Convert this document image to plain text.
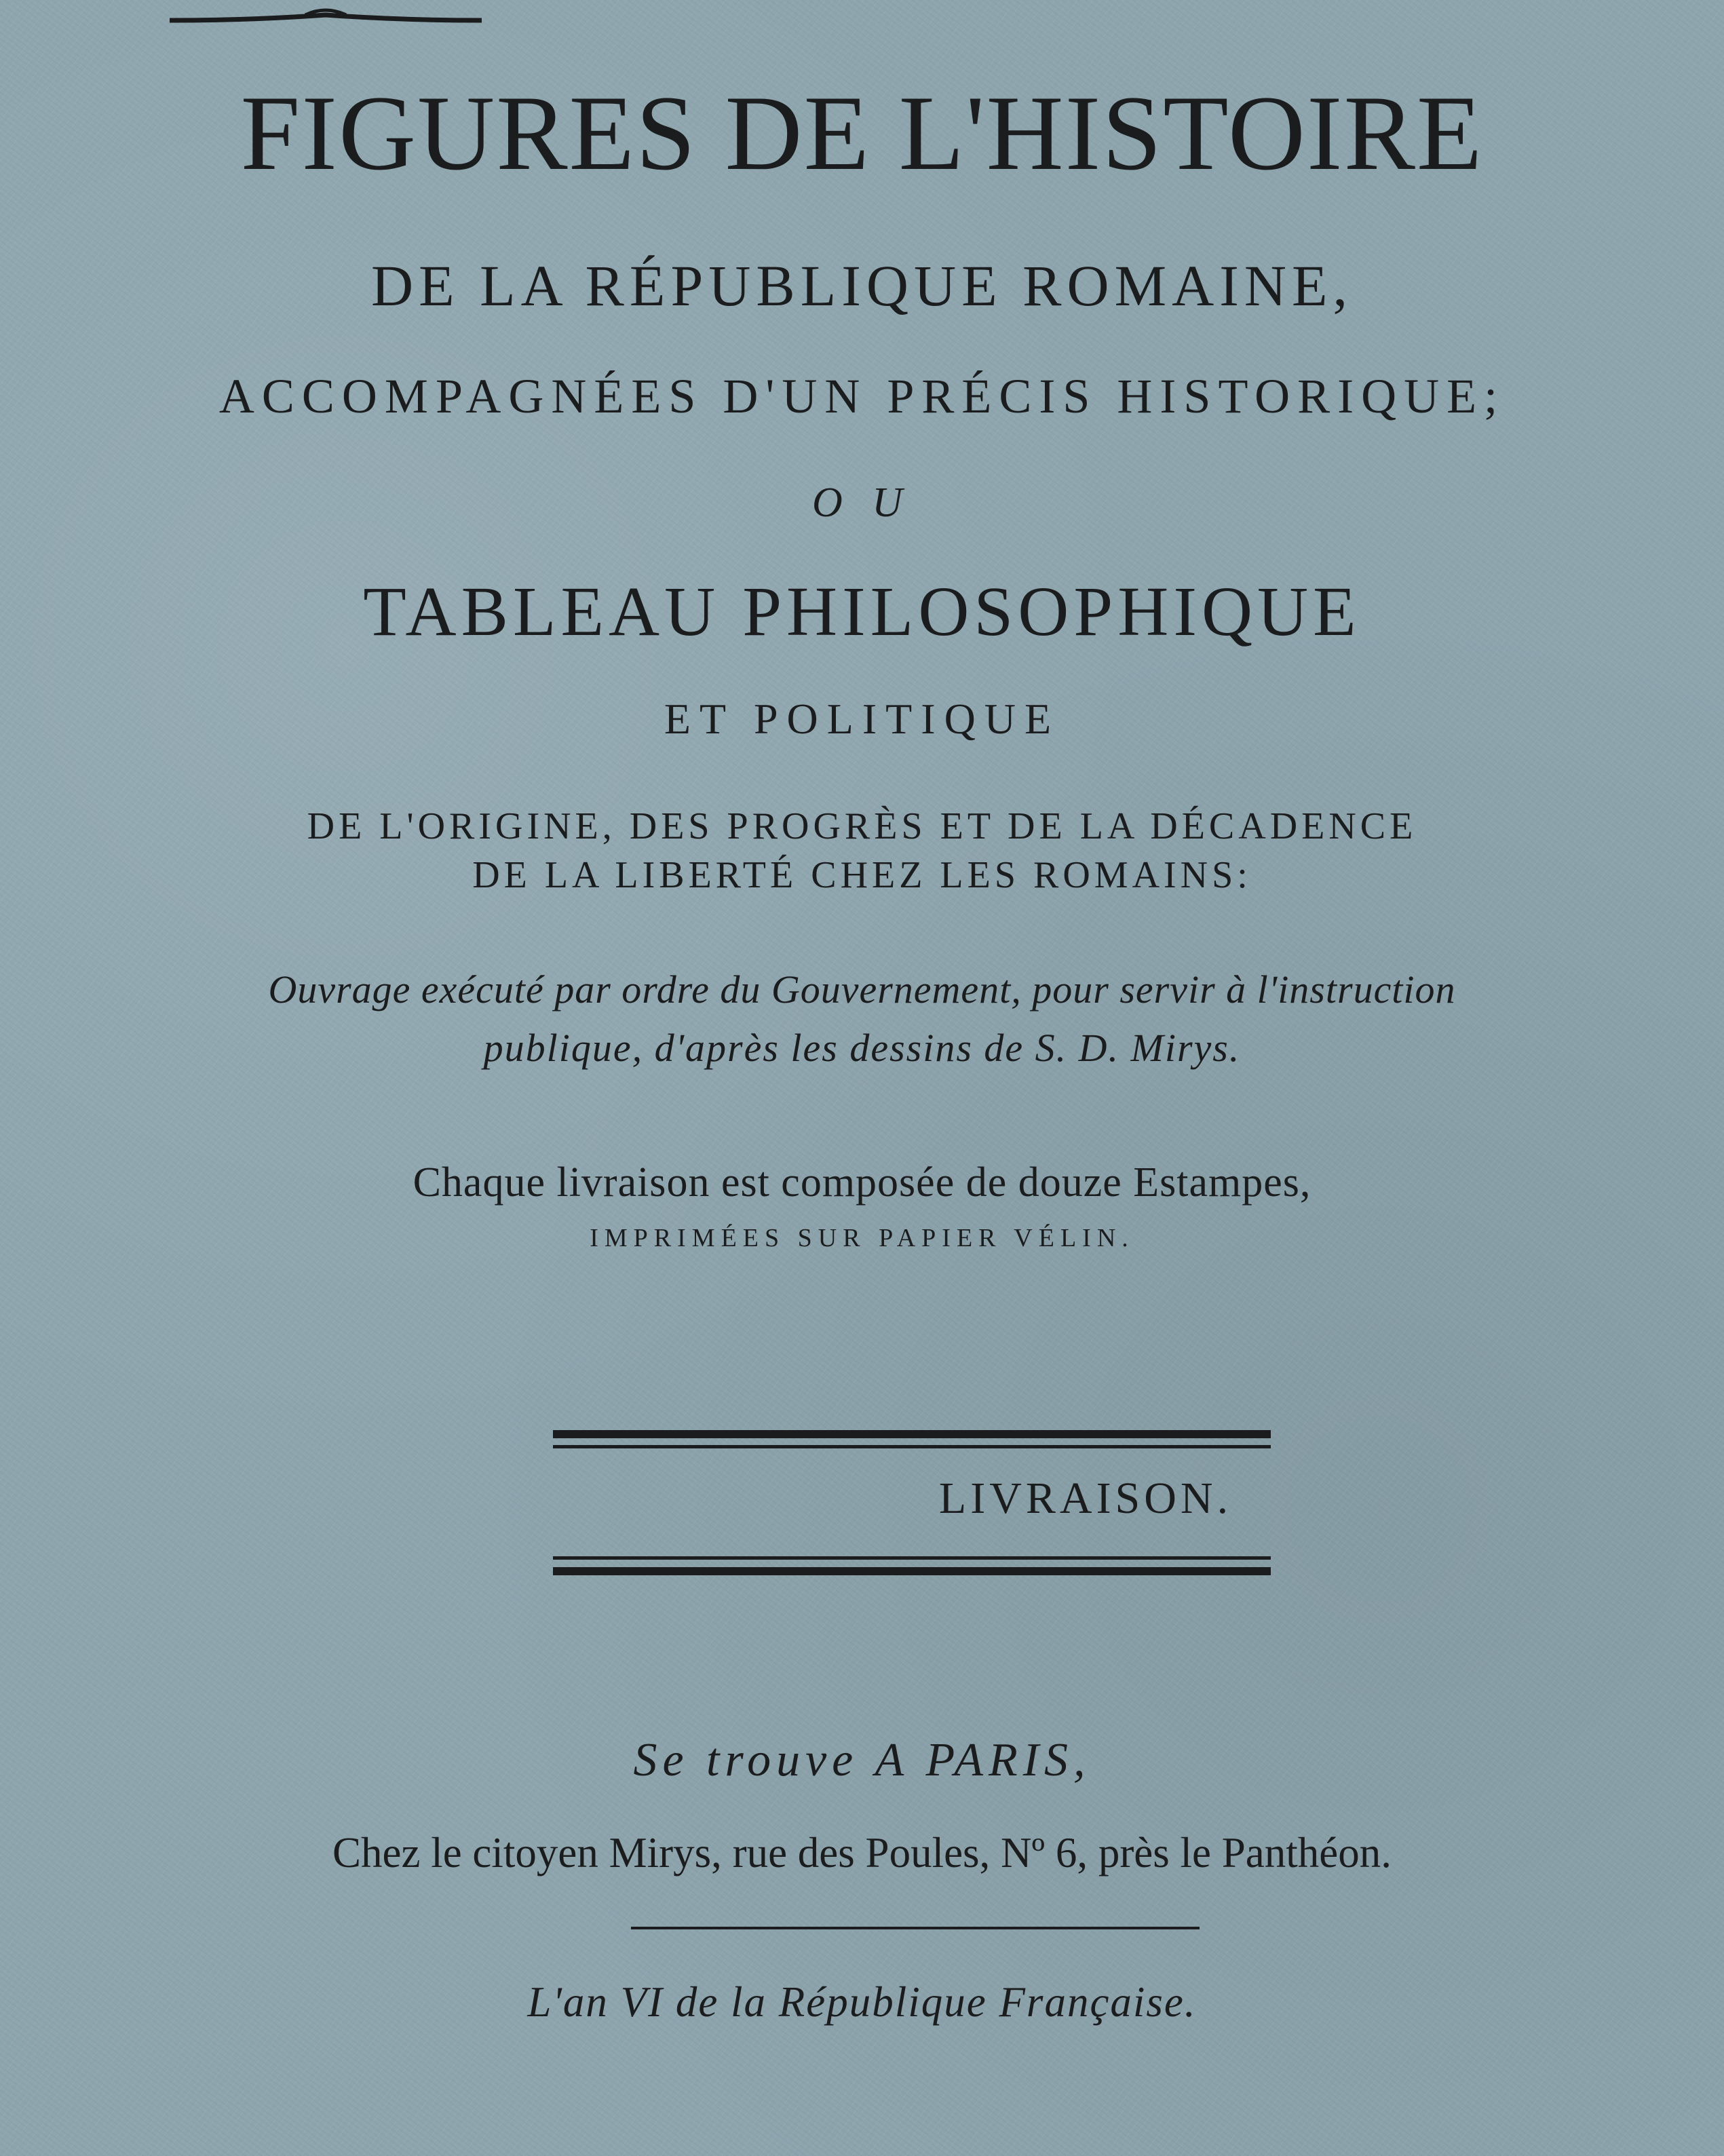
FIGURES DE L'HISTOIRE

DE LA RÉPUBLIQUE ROMAINE,

ACCOMPAGNÉES D'UN PRÉCIS HISTORIQUE;

O U

TABLEAU PHILOSOPHIQUE

ET POLITIQUE

DE L'ORIGINE, DES PROGRÈS ET DE LA DÉCADENCE

DE LA LIBERTÉ CHEZ LES ROMAINS:

Ouvrage exécuté par ordre du Gouvernement, pour servir à l'instruction

publique, d'après les dessins de S. D. Mirys.

Chaque livraison est composée de douze Estampes,

IMPRIMÉES SUR PAPIER VÉLIN.

LIVRAISON.

Se trouve A PARIS,

Chez le citoyen Mirys, rue des Poules, Nº 6, près le Panthéon.

L'an VI de la République Française.
